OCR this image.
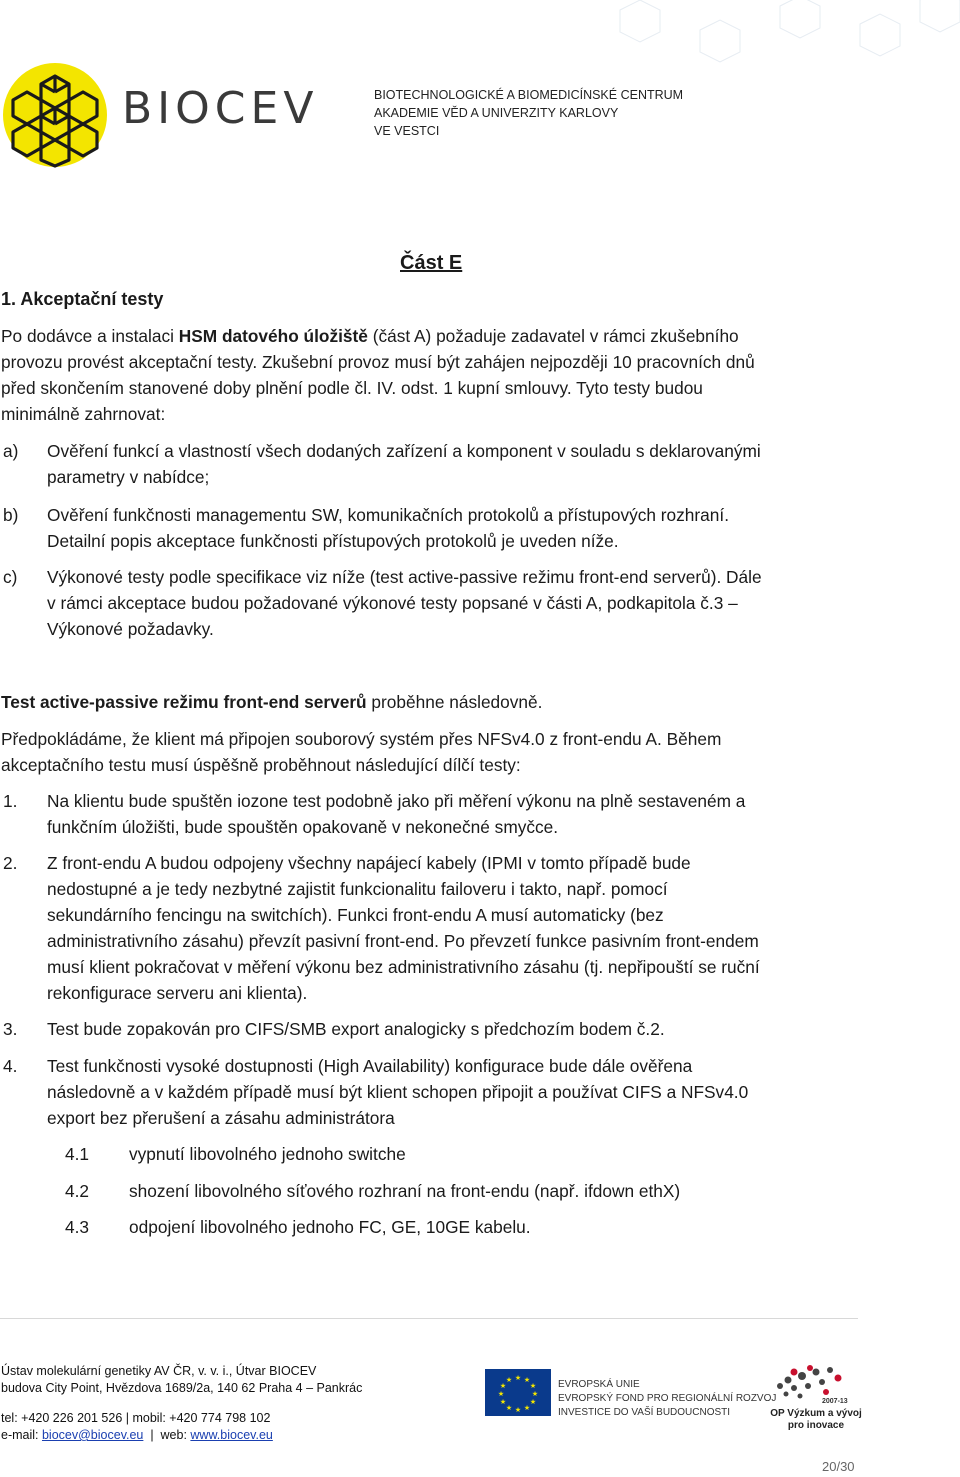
BIOCEV	BIOTECHNOLOGICKÉ A BIOMEDICÍNSKÉ CENTRUM
AKADEMIE VĚD A UNIVERZITY KARLOVY
VE VESTCI
Část E
1. Akceptační testy
Po dodávce a instalaci HSM datového úložiště (část A) požaduje zadavatel v rámci zkušebního
provozu provést akceptační testy. Zkušební provoz musí být zahájen nejpozději 10 pracovních dnů
před skončením stanovené doby plnění podle čl. IV. odst. 1 kupní smlouvy. Tyto testy budou
minimálně zahrnovat:
a) Ověření funkcí a vlastností všech dodaných zařízení a komponent v souladu s deklarovanými
parametry v nabídce;
b) Ověření funkčnosti managementu SW, komunikačních protokolů a přístupových rozhraní.
Detailní popis akceptace funkčnosti přístupových protokolů je uveden níže.
c) Výkonové testy podle specifikace viz níže (test active-passive režimu front-end serverů). Dále
v rámci akceptace budou požadované výkonové testy popsané v části A, podkapitola č.3 –
Výkonové požadavky.
Test active-passive režimu front-end serverů proběhne následovně.
Předpokládáme, že klient má připojen souborový systém přes NFSv4.0 z front-endu A. Během
akceptačního testu musí úspěšně proběhnout následující dílčí testy:
1. Na klientu bude spuštěn iozone test podobně jako při měření výkonu na plně sestaveném a
funkčním úložišti, bude spouštěn opakovaně v nekonečné smyčce.
2. Z front-endu A budou odpojeny všechny napájecí kabely (IPMI v tomto případě bude
nedostupné a je tedy nezbytné zajistit funkcionalitu failoveru i takto, např. pomocí
sekundárního fencingu na switchích). Funkci front-endu A musí automaticky (bez
administrativního zásahu) převzít pasivní front-end. Po převzetí funkce pasivním front-endem
musí klient pokračovat v měření výkonu bez administrativního zásahu (tj. nepřipouští se ruční
rekonfigurace serveru ani klienta).
3. Test bude zopakován pro CIFS/SMB export analogicky s předchozím bodem č.2.
4. Test funkčnosti vysoké dostupnosti (High Availability) konfigurace bude dále ověřena
následovně a v každém případě musí být klient schopen připojit a používat CIFS a NFSv4.0
export bez přerušení a zásahu administrátora
4.1 vypnutí libovolného jednoho switche
4.2 shození libovolného síťového rozhraní na front-endu (např. ifdown ethX)
4.3 odpojení libovolného jednoho FC, GE, 10GE kabelu.
Ústav molekulární genetiky AV ČR, v. v. i., Útvar BIOCEV
budova City Point, Hvězdova 1689/2a, 140 62 Praha 4 – Pankrác
tel: +420 226 201 526 | mobil: +420 774 798 102
e-mail: biocev@biocev.eu  |  web: www.biocev.eu
★ ★
★
★
★
★
★
★
★
★
★
★	EVROPSKÁ UNIE
EVROPSKÝ FOND PRO REGIONÁLNÍ ROZVOJ
INVESTICE DO VAŠÍ BUDOUCNOSTI
2007-13
OP Výzkum a vývoj
pro inovace
20/30
